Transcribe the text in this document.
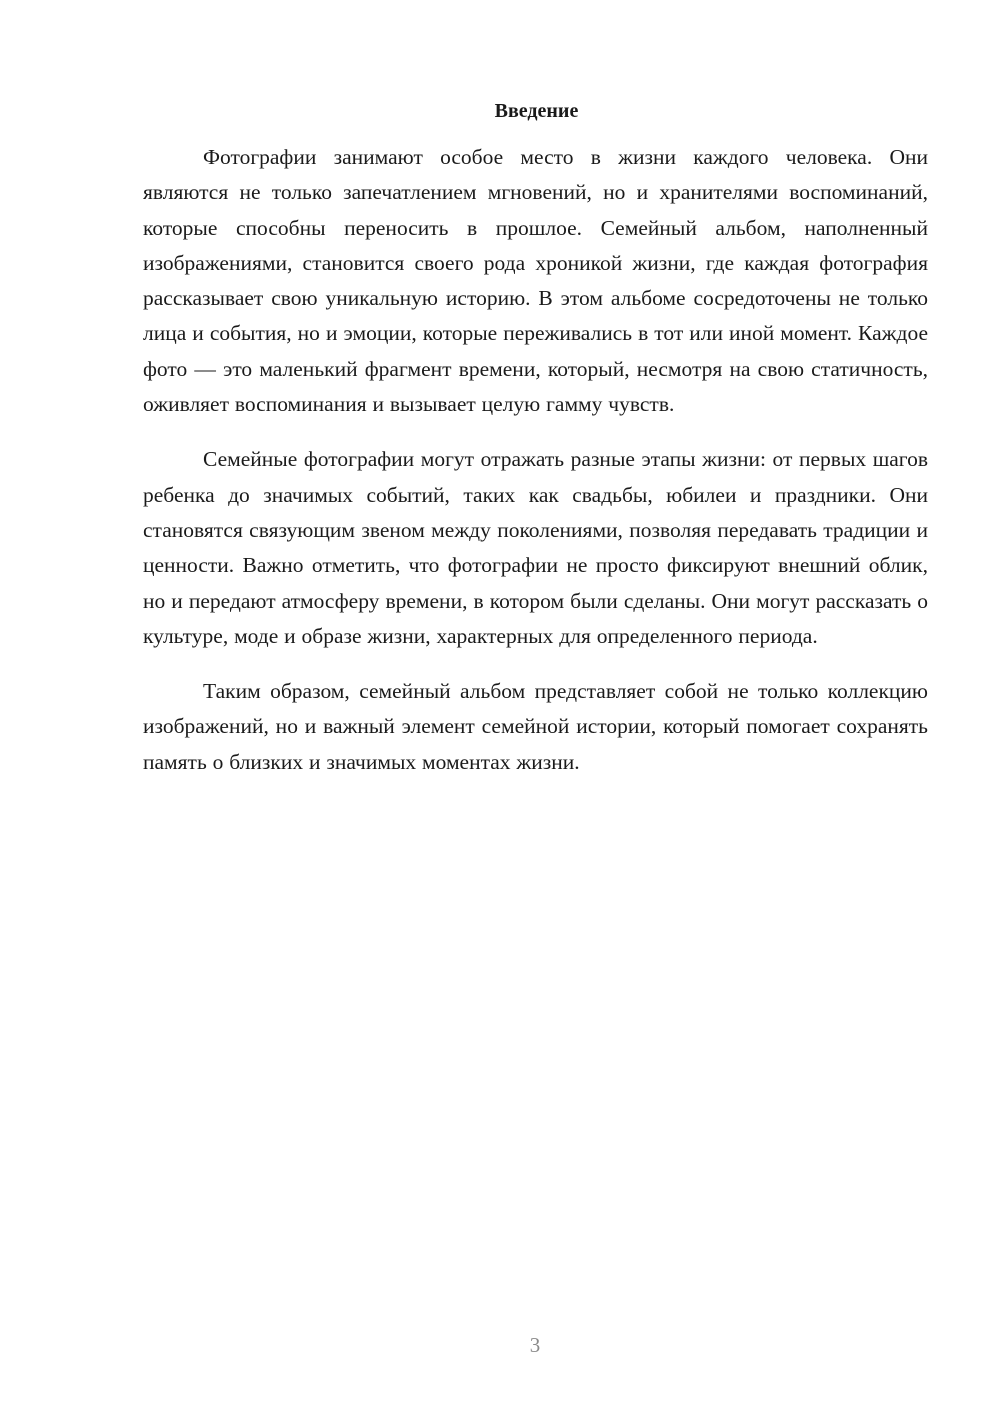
Введение

Фотографии занимают особое место в жизни каждого человека. Они являются не только запечатлением мгновений, но и хранителями воспоминаний, которые способны переносить в прошлое. Семейный альбом, наполненный изображениями, становится своего рода хроникой жизни, где каждая фотография рассказывает свою уникальную историю. В этом альбоме сосредоточены не только лица и события, но и эмоции, которые переживались в тот или иной момент. Каждое фото — это маленький фрагмент времени, который, несмотря на свою статичность, оживляет воспоминания и вызывает целую гамму чувств.

Семейные фотографии могут отражать разные этапы жизни: от первых шагов ребенка до значимых событий, таких как свадьбы, юбилеи и праздники. Они становятся связующим звеном между поколениями, позволяя передавать традиции и ценности. Важно отметить, что фотографии не просто фиксируют внешний облик, но и передают атмосферу времени, в котором были сделаны. Они могут рассказать о культуре, моде и образе жизни, характерных для определенного периода.

Таким образом, семейный альбом представляет собой не только коллекцию изображений, но и важный элемент семейной истории, который помогает сохранять память о близких и значимых моментах жизни.

3
